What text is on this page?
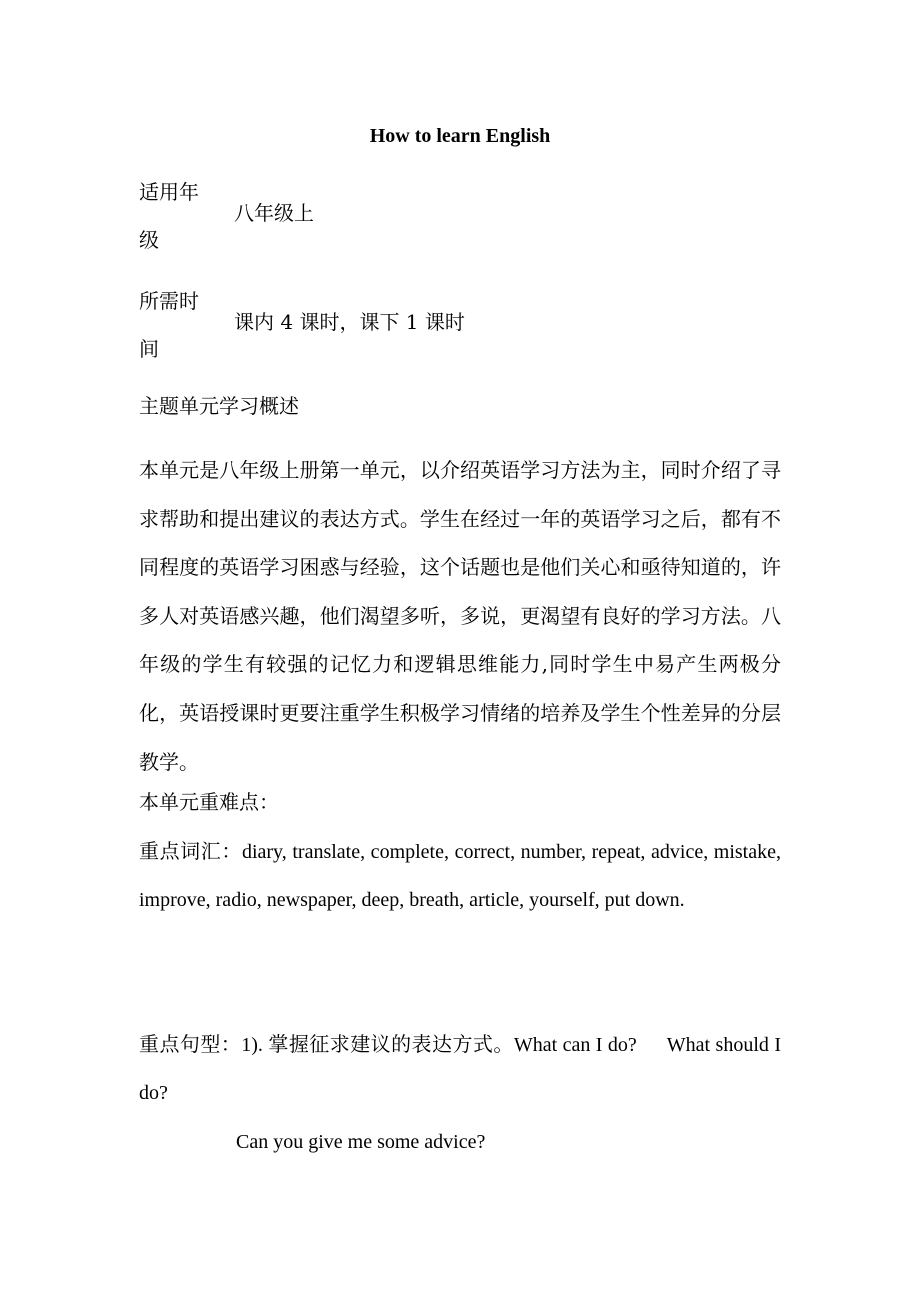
How to learn English
适用年级
八年级上
所需时间
课内 4 课时，课下 1 课时
主题单元学习概述

本单元是八年级上册第一单元，以介绍英语学习方法为主，同时介绍了寻求帮助和提出建议的表达方式。学生在经过一年的英语学习之后，都有不同程度的英语学习困惑与经验，这个话题也是他们关心和亟待知道的，许多人对英语感兴趣，他们渴望多听，多说，更渴望有良好的学习方法。八年级的学生有较强的记忆力和逻辑思维能力,同时学生中易产生两极分化，英语授课时更要注重学生积极学习情绪的培养及学生个性差异的分层教学。

本单元重难点：

重点词汇：diary, translate, complete, correct, number, repeat, advice, mistake, improve, radio, newspaper, deep, breath, article, yourself, put down.

重点句型：1). 掌握征求建议的表达方式。What can I do? What should I do?

Can you give me some advice?
